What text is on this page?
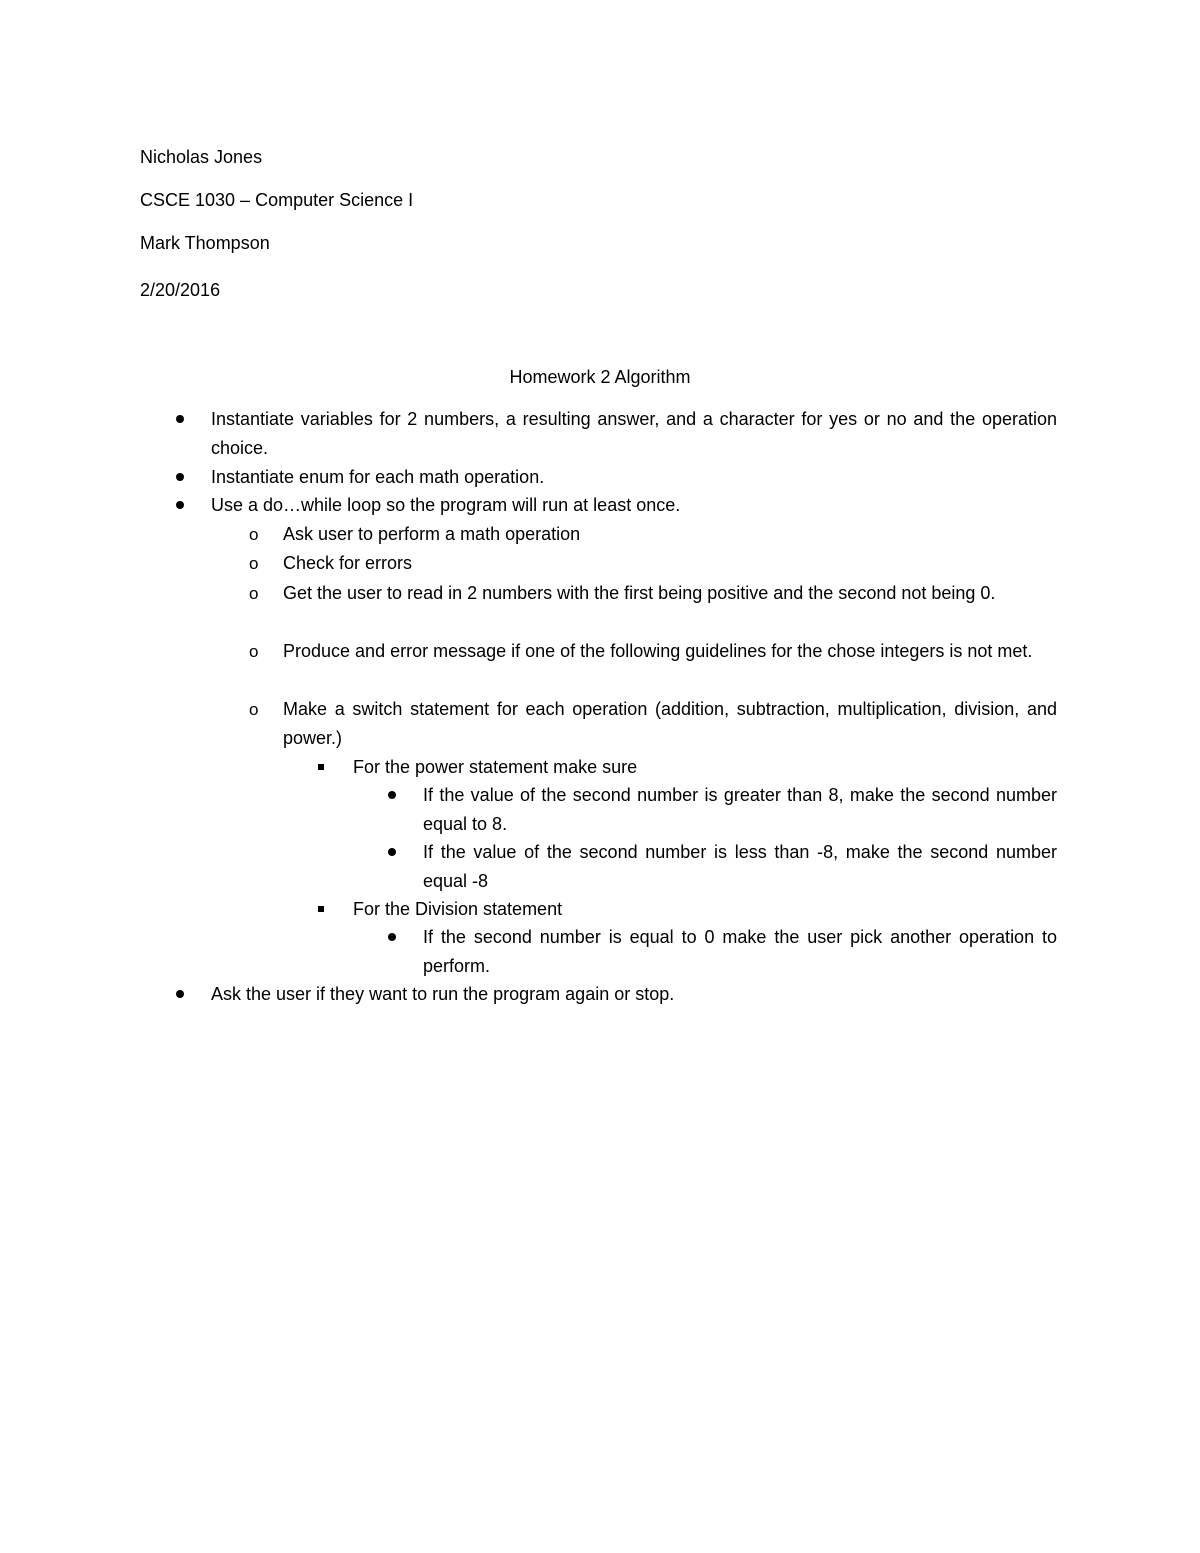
Nicholas Jones
CSCE 1030 – Computer Science I
Mark Thompson
2/20/2016
Homework 2 Algorithm
Instantiate variables for 2 numbers, a resulting answer, and a character for yes or no and the operation choice.
Instantiate enum for each math operation.
Use a do…while loop so the program will run at least once.
o Ask user to perform a math operation
o Check for errors
o Get the user to read in 2 numbers with the first being positive and the second not being 0.
o Produce and error message if one of the following guidelines for the chose integers is not met.
o Make a switch statement for each operation (addition, subtraction, multiplication, division, and power.)
For the power statement make sure
If the value of the second number is greater than 8, make the second number equal to 8.
If the value of the second number is less than -8, make the second number equal -8
For the Division statement
If the second number is equal to 0 make the user pick another operation to perform.
Ask the user if they want to run the program again or stop.
